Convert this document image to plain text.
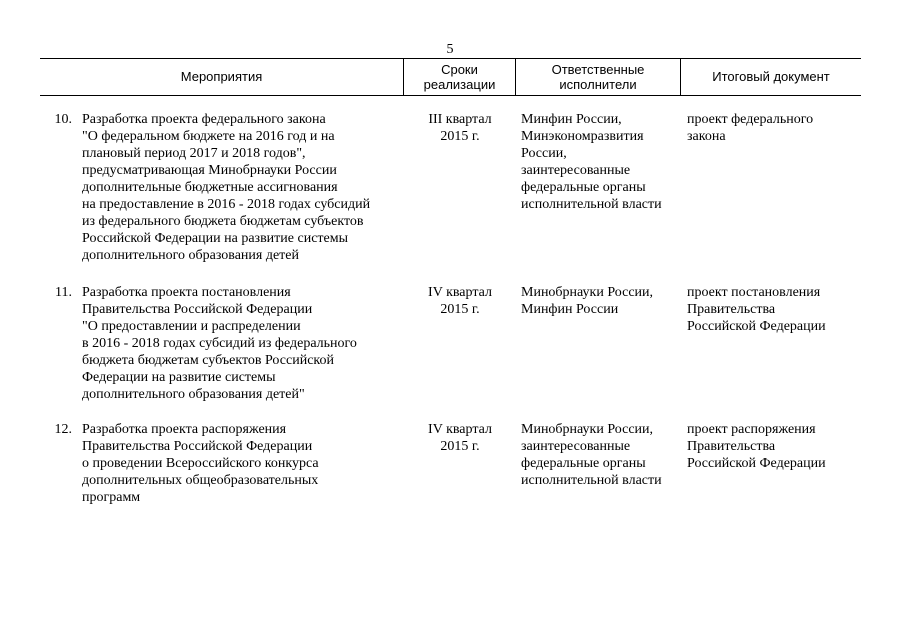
5
Мероприятия	Сроки
реализации
Ответственные
исполнители	Итоговый документ
10. Разработка проекта федерального закона
"О федеральном бюджете на 2016 год и на
плановый период 2017 и 2018 годов",
предусматривающая Минобрнауки России
дополнительные бюджетные ассигнования
на предоставление в 2016 - 2018 годах субсидий
из федерального бюджета бюджетам субъектов
Российской Федерации на развитие системы
дополнительного образования детей
III квартал
2015 г.
Минфин России,
Минэкономразвития
России,
заинтересованные
федеральные органы
исполнительной власти
проект федерального
закона
11. Разработка проекта постановления
Правительства Российской Федерации
"О предоставлении и распределении
в 2016 - 2018 годах субсидий из федерального
бюджета бюджетам субъектов Российской
Федерации на развитие системы
дополнительного образования детей"
IV квартал
2015 г.
Минобрнауки России,
Минфин России
проект постановления
Правительства
Российской Федерации
12. Разработка проекта распоряжения
Правительства Российской Федерации
о проведении Всероссийского конкурса
дополнительных общеобразовательных
программ
IV квартал
2015 г.
Минобрнауки России,
заинтересованные
федеральные органы
исполнительной власти
проект распоряжения
Правительства
Российской Федерации
